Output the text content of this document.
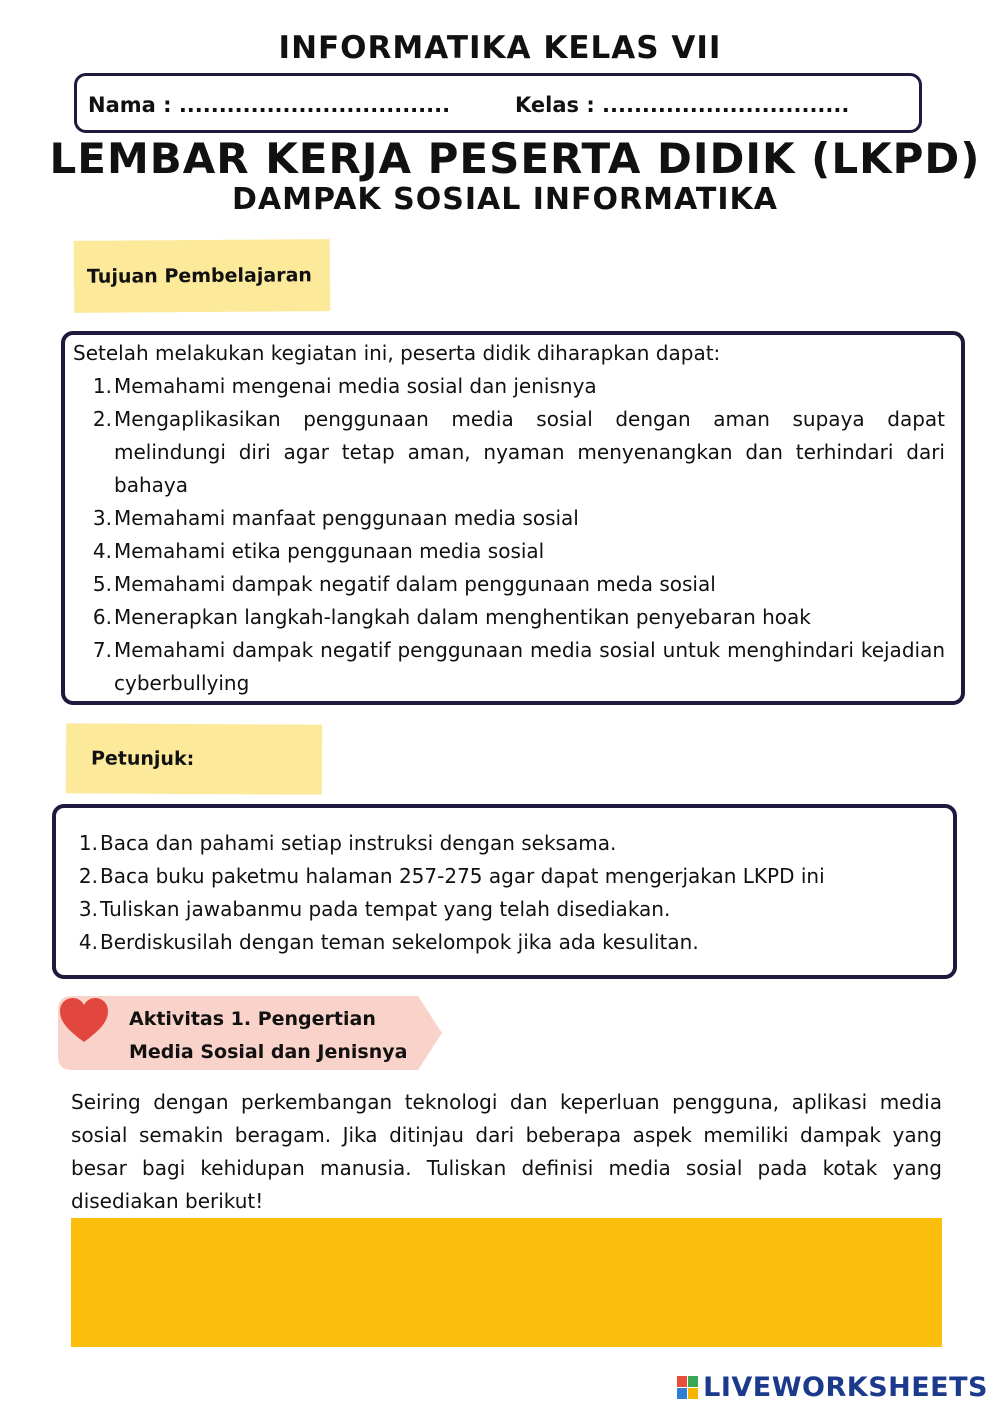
INFORMATIKA KELAS VII
Nama : ..................................	Kelas : ...............................
LEMBAR KERJA PESERTA DIDIK (LKPD)
DAMPAK SOSIAL INFORMATIKA
Tujuan Pembelajaran
Setelah melakukan kegiatan ini, peserta didik diharapkan dapat:
1. Memahami mengenai media sosial dan jenisnya
2. Mengaplikasikan penggunaan media sosial dengan aman supaya dapat melindungi diri agar tetap aman, nyaman menyenangkan dan terhindari dari bahaya
3. Memahami manfaat penggunaan media sosial
4. Memahami etika penggunaan media sosial
5. Memahami dampak negatif dalam penggunaan meda sosial
6. Menerapkan langkah-langkah dalam menghentikan penyebaran hoak
7. Memahami dampak negatif penggunaan media sosial untuk menghindari kejadian cyberbullying
Petunjuk:
1. Baca dan pahami setiap instruksi dengan seksama.
2. Baca buku paketmu halaman 257-275 agar dapat mengerjakan LKPD ini
3. Tuliskan jawabanmu pada tempat yang telah disediakan.
4. Berdiskusilah dengan teman sekelompok jika ada kesulitan.
Aktivitas 1. Pengertian
Media Sosial dan Jenisnya
Seiring dengan perkembangan teknologi dan keperluan pengguna, aplikasi media sosial semakin beragam. Jika ditinjau dari beberapa aspek memiliki dampak yang besar bagi kehidupan manusia. Tuliskan definisi media sosial pada kotak yang disediakan berikut!
LIVEWORKSHEETS
